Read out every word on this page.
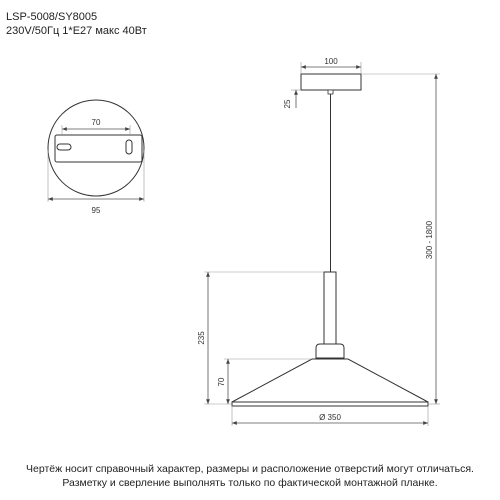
LSP-5008/SY8005
230V/50Гц 1*E27 макс 40Вт
70
95
100
25
300 - 1800
235
70
Ø 350
Чертёж носит справочный характер, размеры и расположение отверстий могут отличаться.
Разметку и сверление выполнять только по фактической монтажной планке.
